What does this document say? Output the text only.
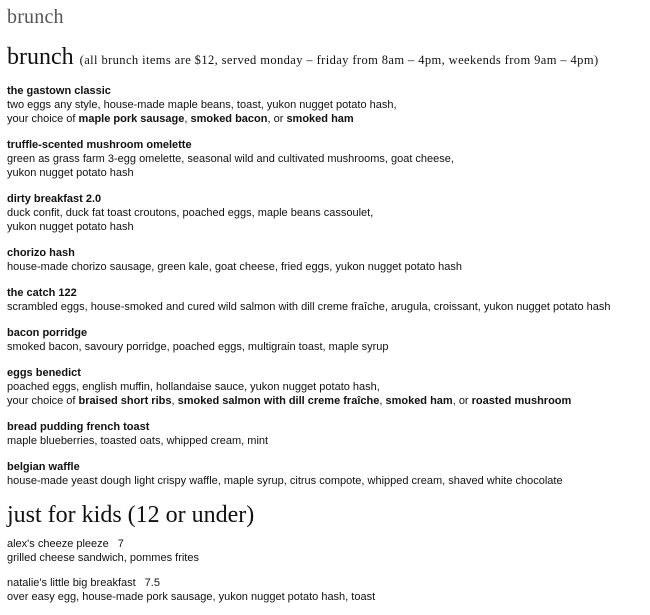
brunch
brunch (all brunch items are $12, served monday – friday from 8am – 4pm, weekends from 9am – 4pm)
the gastown classic
two eggs any style, house-made maple beans, toast, yukon nugget potato hash,
your choice of maple pork sausage, smoked bacon, or smoked ham
truffle-scented mushroom omelette
green as grass farm 3-egg omelette, seasonal wild and cultivated mushrooms, goat cheese,
yukon nugget potato hash
dirty breakfast 2.0
duck confit, duck fat toast croutons, poached eggs, maple beans cassoulet,
yukon nugget potato hash
chorizo hash
house-made chorizo sausage, green kale, goat cheese, fried eggs, yukon nugget potato hash
the catch 122
scrambled eggs, house-smoked and cured wild salmon with dill creme fraîche, arugula, croissant, yukon nugget potato hash
bacon porridge
smoked bacon, savoury porridge, poached eggs, multigrain toast, maple syrup
eggs benedict
poached eggs, english muffin, hollandaise sauce, yukon nugget potato hash,
your choice of braised short ribs, smoked salmon with dill creme fraîche, smoked ham, or roasted mushroom
bread pudding french toast
maple blueberries, toasted oats, whipped cream, mint
belgian waffle
house-made yeast dough light crispy waffle, maple syrup, citrus compote, whipped cream, shaved white chocolate
just for kids (12 or under)
alex's cheeze pleeze 7
grilled cheese sandwich, pommes frites
natalie's little big breakfast 7.5
over easy egg, house-made pork sausage, yukon nugget potato hash, toast
